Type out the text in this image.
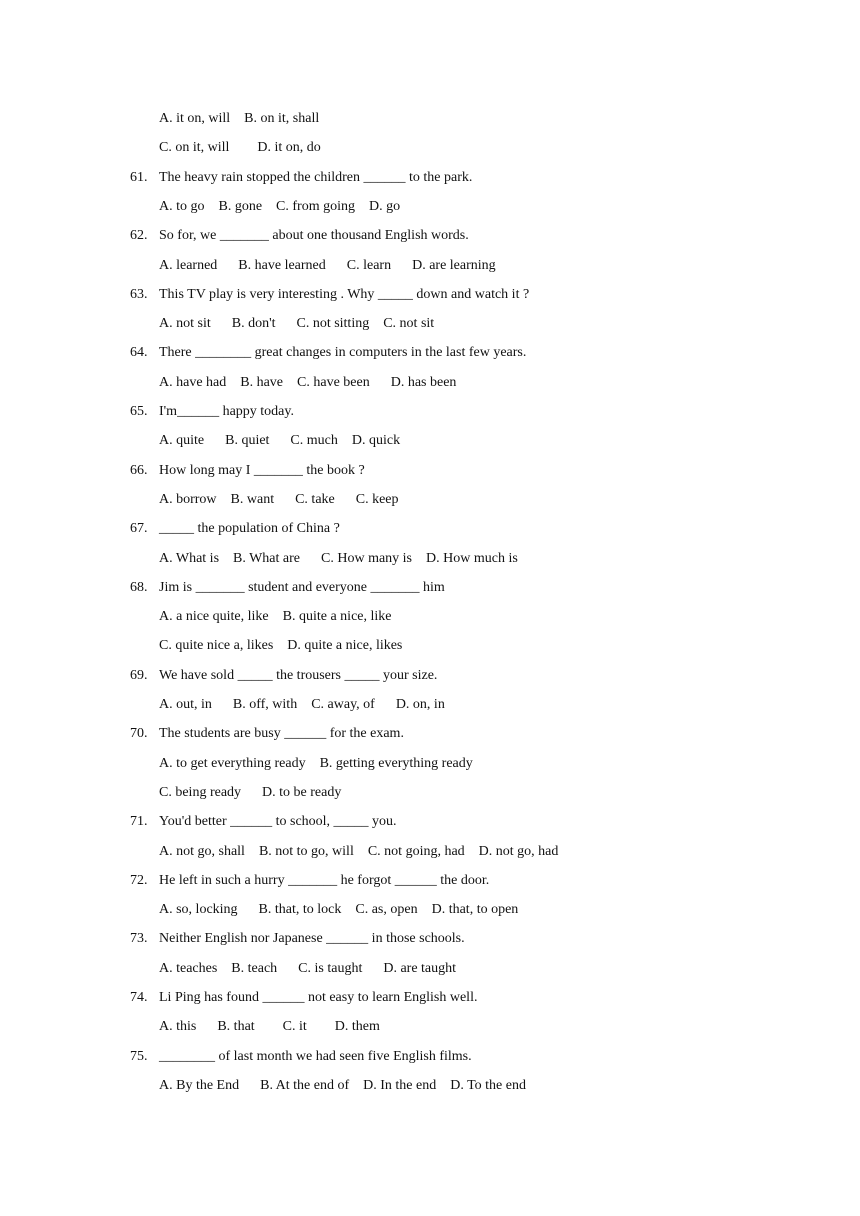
A. it on, will    B. on it, shall
C. on it, will        D. it on, do
61. The heavy rain stopped the children ______ to the park.
A. to go    B. gone    C. from going    D. go
62. So for, we _______ about one thousand English words.
A. learned      B. have learned      C. learn      D. are learning
63. This TV play is very interesting . Why _____ down and watch it ?
A. not sit      B. don't      C. not sitting    C. not sit
64. There ________ great changes in computers in the last few years.
A. have had    B. have    C. have been      D. has been
65. I'm______ happy today.
A. quite      B. quiet      C. much    D. quick
66. How long may I _______ the book ?
A. borrow    B. want      C. take      C. keep
67. _____ the population of China ?
A. What is    B. What are      C. How many is    D. How much is
68. Jim is _______ student and everyone _______ him
A. a nice quite, like    B. quite a nice, like
C. quite nice a, likes    D. quite a nice, likes
69. We have sold _____ the trousers _____ your size.
A. out, in      B. off, with    C. away, of      D. on, in
70. The students are busy ______ for the exam.
A. to get everything ready    B. getting everything ready
C. being ready      D. to be ready
71. You'd better ______ to school, _____ you.
A. not go, shall    B. not to go, will    C. not going, had    D. not go, had
72. He left in such a hurry _______ he forgot ______ the door.
A. so, locking      B. that, to lock    C. as, open    D. that, to open
73. Neither English nor Japanese ______ in those schools.
A. teaches    B. teach      C. is taught      D. are taught
74. Li Ping has found ______ not easy to learn English well.
A. this      B. that        C. it        D. them
75. ________ of last month we had seen five English films.
A. By the End      B. At the end of    D. In the end    D. To the end
